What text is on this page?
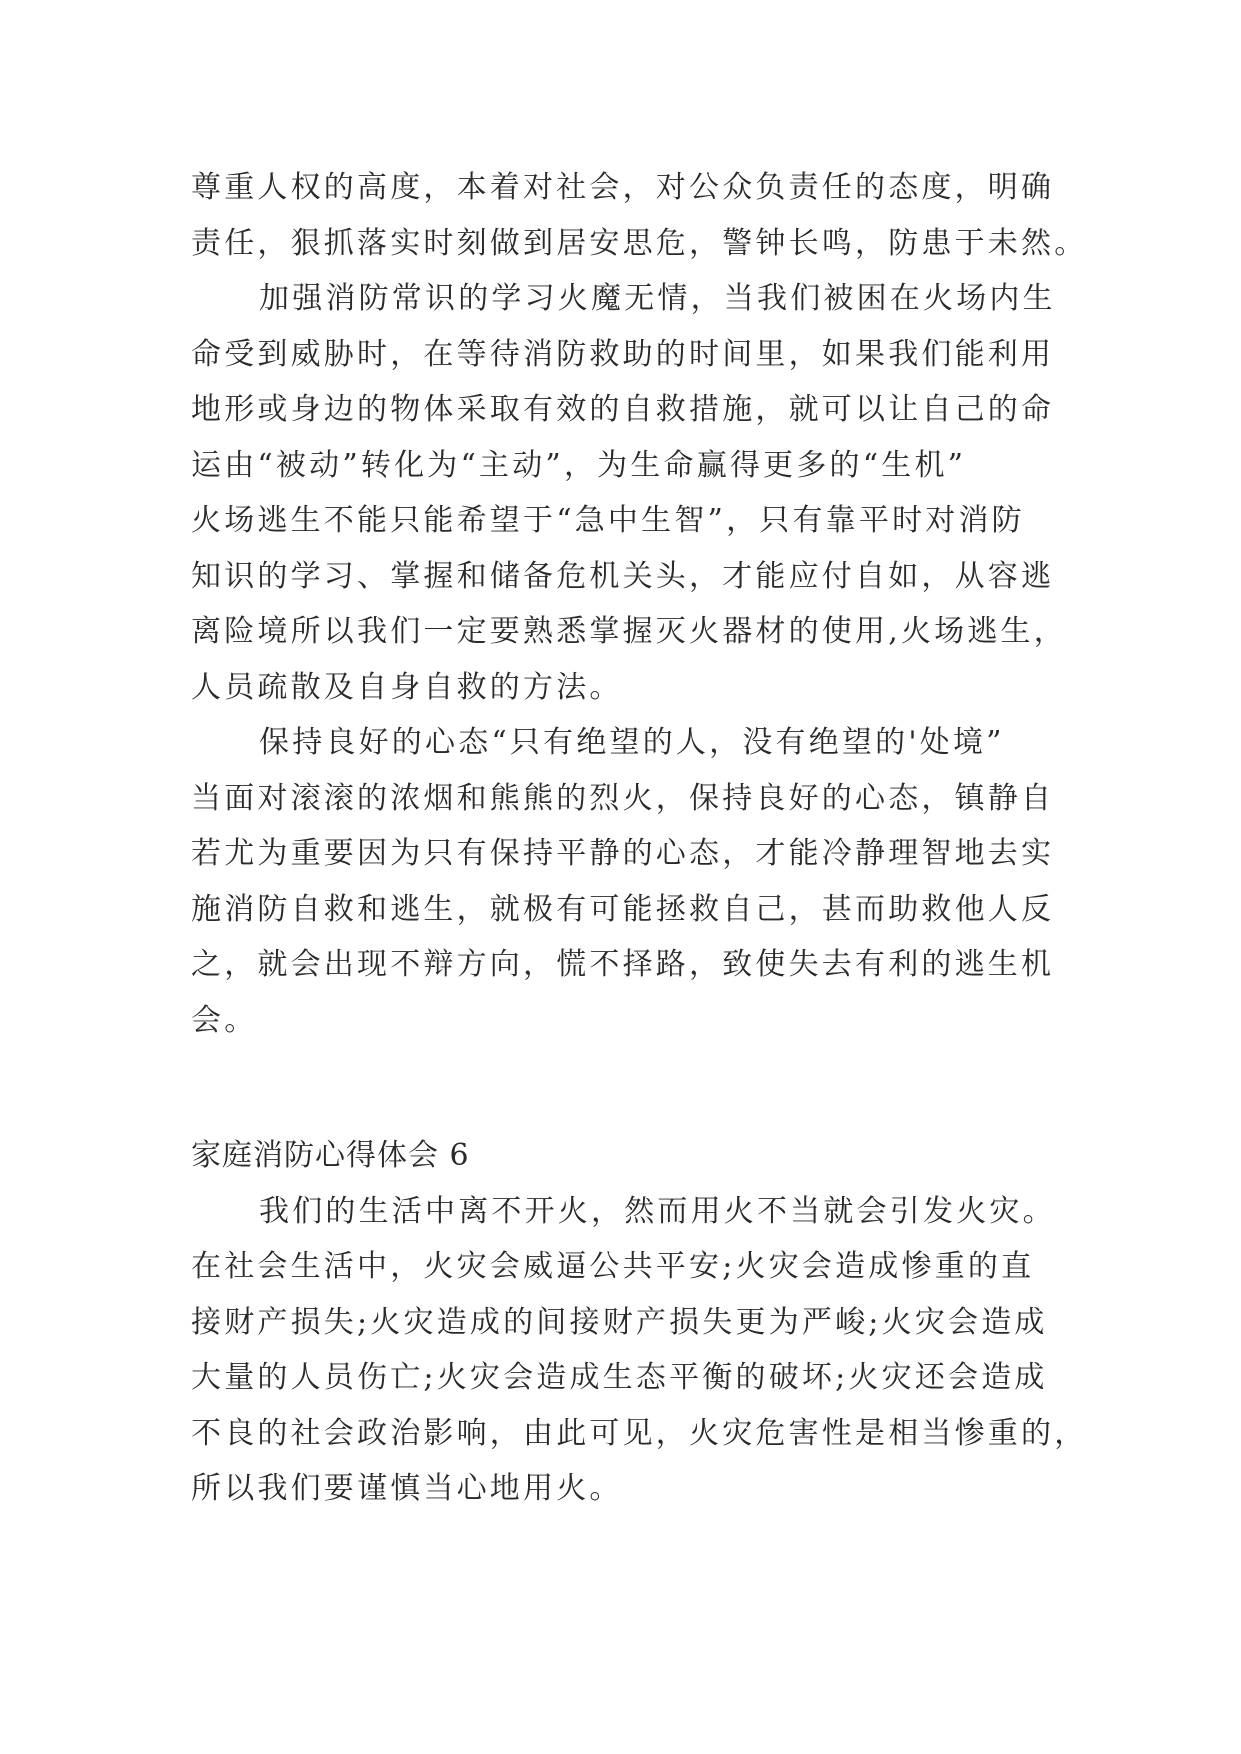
尊重人权的高度，本着对社会，对公众负责任的态度，明确
责任，狠抓落实时刻做到居安思危，警钟长鸣，防患于未然。
加强消防常识的学习火魔无情，当我们被困在火场内生
命受到威胁时，在等待消防救助的时间里，如果我们能利用
地形或身边的物体采取有效的自救措施，就可以让自己的命
运由“被动”转化为“主动”，为生命赢得更多的“生机”
火场逃生不能只能希望于“急中生智”，只有靠平时对消防
知识的学习、掌握和储备危机关头，才能应付自如，从容逃
离险境所以我们一定要熟悉掌握灭火器材的使用,火场逃生，
人员疏散及自身自救的方法。
保持良好的心态“只有绝望的人，没有绝望的'处境”
当面对滚滚的浓烟和熊熊的烈火，保持良好的心态，镇静自
若尤为重要因为只有保持平静的心态，才能冷静理智地去实
施消防自救和逃生，就极有可能拯救自己，甚而助救他人反
之，就会出现不辩方向，慌不择路，致使失去有利的逃生机
会。
家庭消防心得体会 6
我们的生活中离不开火，然而用火不当就会引发火灾。
在社会生活中，火灾会威逼公共平安;火灾会造成惨重的直
接财产损失;火灾造成的间接财产损失更为严峻;火灾会造成
大量的人员伤亡;火灾会造成生态平衡的破坏;火灾还会造成
不良的社会政治影响，由此可见，火灾危害性是相当惨重的，
所以我们要谨慎当心地用火。
